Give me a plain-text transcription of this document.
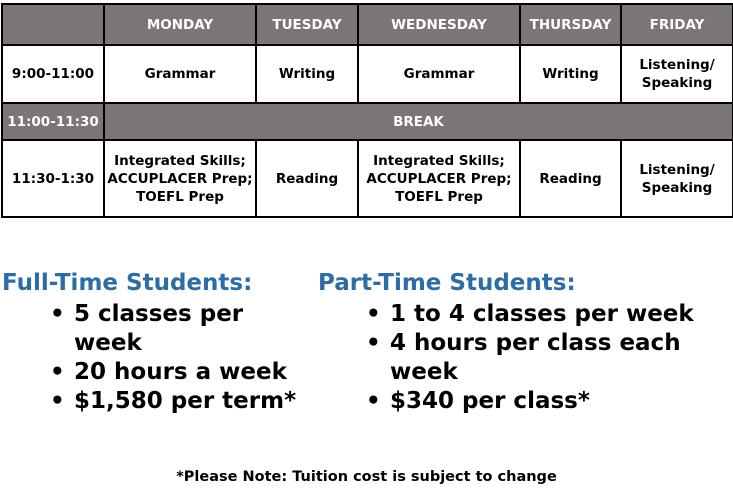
	MONDAY	TUESDAY	WEDNESDAY	THURSDAY	FRIDAY
9:00-11:00	Grammar	Writing	Grammar	Writing	Listening/
Speaking
11:00-11:30	BREAK				
11:30-1:30	Integrated Skills;
ACCUPLACER Prep;
TOEFL Prep	Reading	Integrated Skills;
ACCUPLACER Prep;
TOEFL Prep	Reading	Listening/
Speaking
Full-Time Students:
• 5 classes per
week
• 20 hours a week
• $1,580 per term*
Part-Time Students:
• 1 to 4 classes per week
• 4 hours per class each
week
• $340 per class*
*Please Note: Tuition cost is subject to change
